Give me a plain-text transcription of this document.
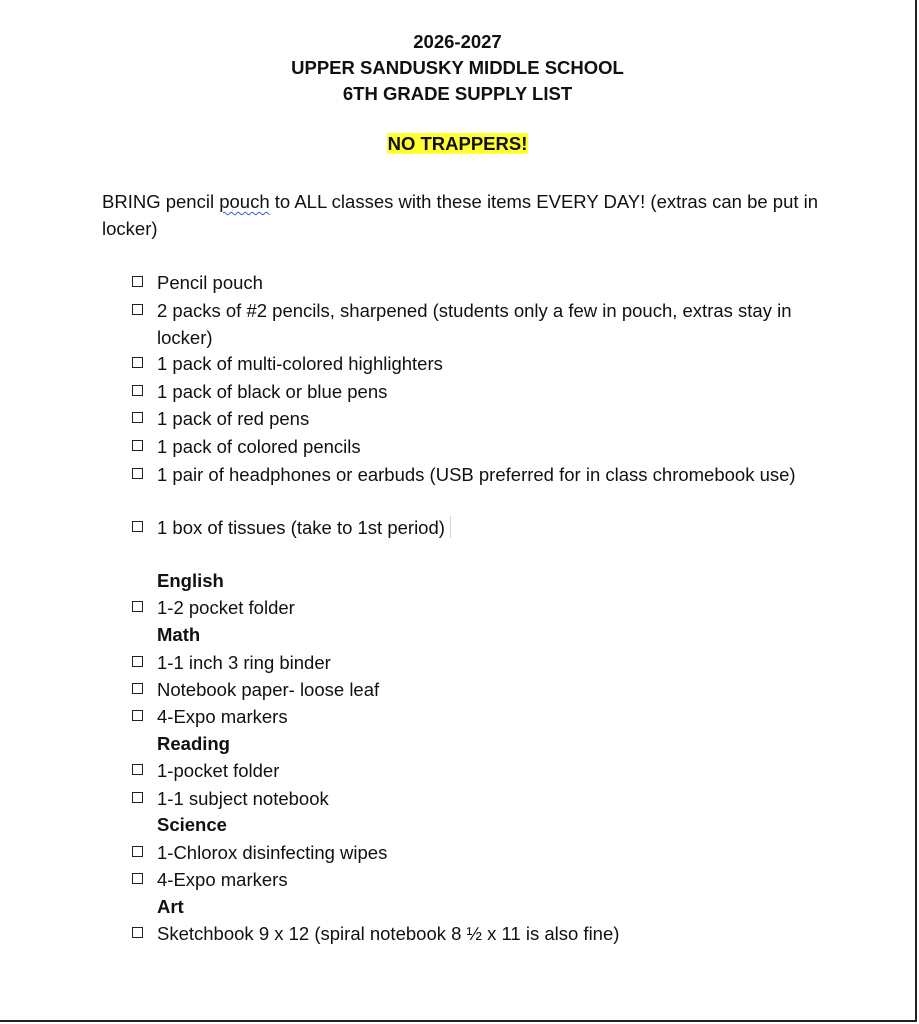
2026-2027
UPPER SANDUSKY MIDDLE SCHOOL
6TH GRADE SUPPLY LIST
NO TRAPPERS!
BRING pencil pouch to ALL classes with these items EVERY DAY! (extras can be put in locker)
Pencil pouch
2 packs of #2 pencils, sharpened (students only a few in pouch, extras stay in locker)
1 pack of multi-colored highlighters
1 pack of black or blue pens
1 pack of red pens
1 pack of colored pencils
1 pair of headphones or earbuds (USB preferred for in class chromebook use)
1 box of tissues (take to 1st period)
English
1-2 pocket folder
Math
1-1 inch 3 ring binder
Notebook paper- loose leaf
4-Expo markers
Reading
1-pocket folder
1-1 subject notebook
Science
1-Chlorox disinfecting wipes
4-Expo markers
Art
Sketchbook 9 x 12 (spiral notebook 8 ½ x 11 is also fine)
